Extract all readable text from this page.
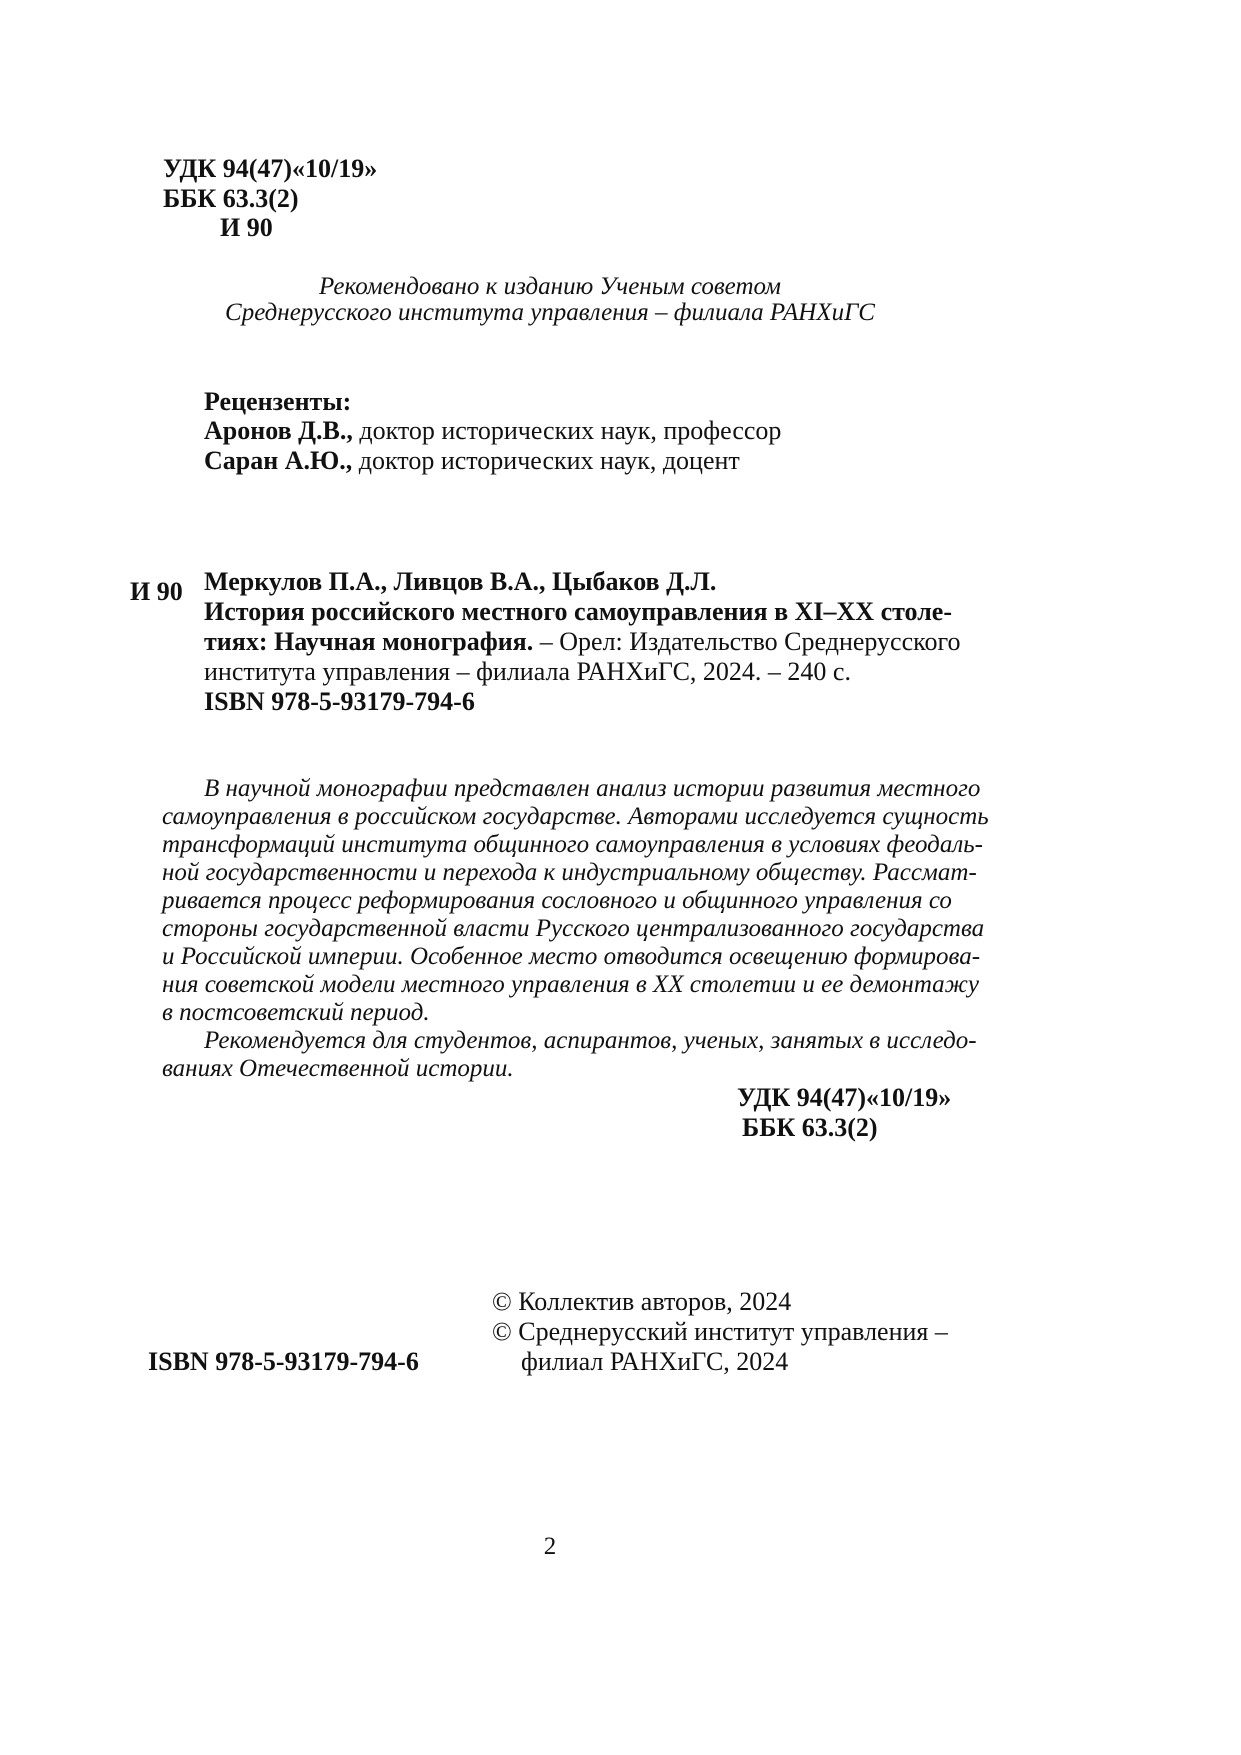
УДК 94(47)«10/19»
ББК 63.3(2)
И 90
Рекомендовано к изданию Ученым советом
Среднерусского института управления – филиала РАНХиГС
Рецензенты:
Аронов Д.В., доктор исторических наук, профессор
Саран А.Ю., доктор исторических наук, доцент
И 90 Меркулов П.А., Ливцов В.А., Цыбаков Д.Л.
История российского местного самоуправления в XI–XX столе-
тиях: Научная монография. – Орел: Издательство Среднерусского
института управления – филиала РАНХиГС, 2024. – 240 с.
ISBN 978-5-93179-794-6
В научной монографии представлен анализ истории развития местного
самоуправления в российском государстве. Авторами исследуется сущность
трансформаций института общинного самоуправления в условиях феодаль-
ной государственности и перехода к индустриальному обществу. Рассмат-
ривается процесс реформирования сословного и общинного управления со
стороны государственной власти Русского централизованного государства
и Российской империи. Особенное место отводится освещению формирова-
ния советской модели местного управления в XX столетии и ее демонтажу
в постсоветский период.
Рекомендуется для студентов, аспирантов, ученых, занятых в исследо-
ваниях Отечественной истории.
УДК 94(47)«10/19»
ББК 63.3(2)
© Коллектив авторов, 2024
© Среднерусский институт управления –
филиал РАНХиГС, 2024
ISBN 978-5-93179-794-6
2
